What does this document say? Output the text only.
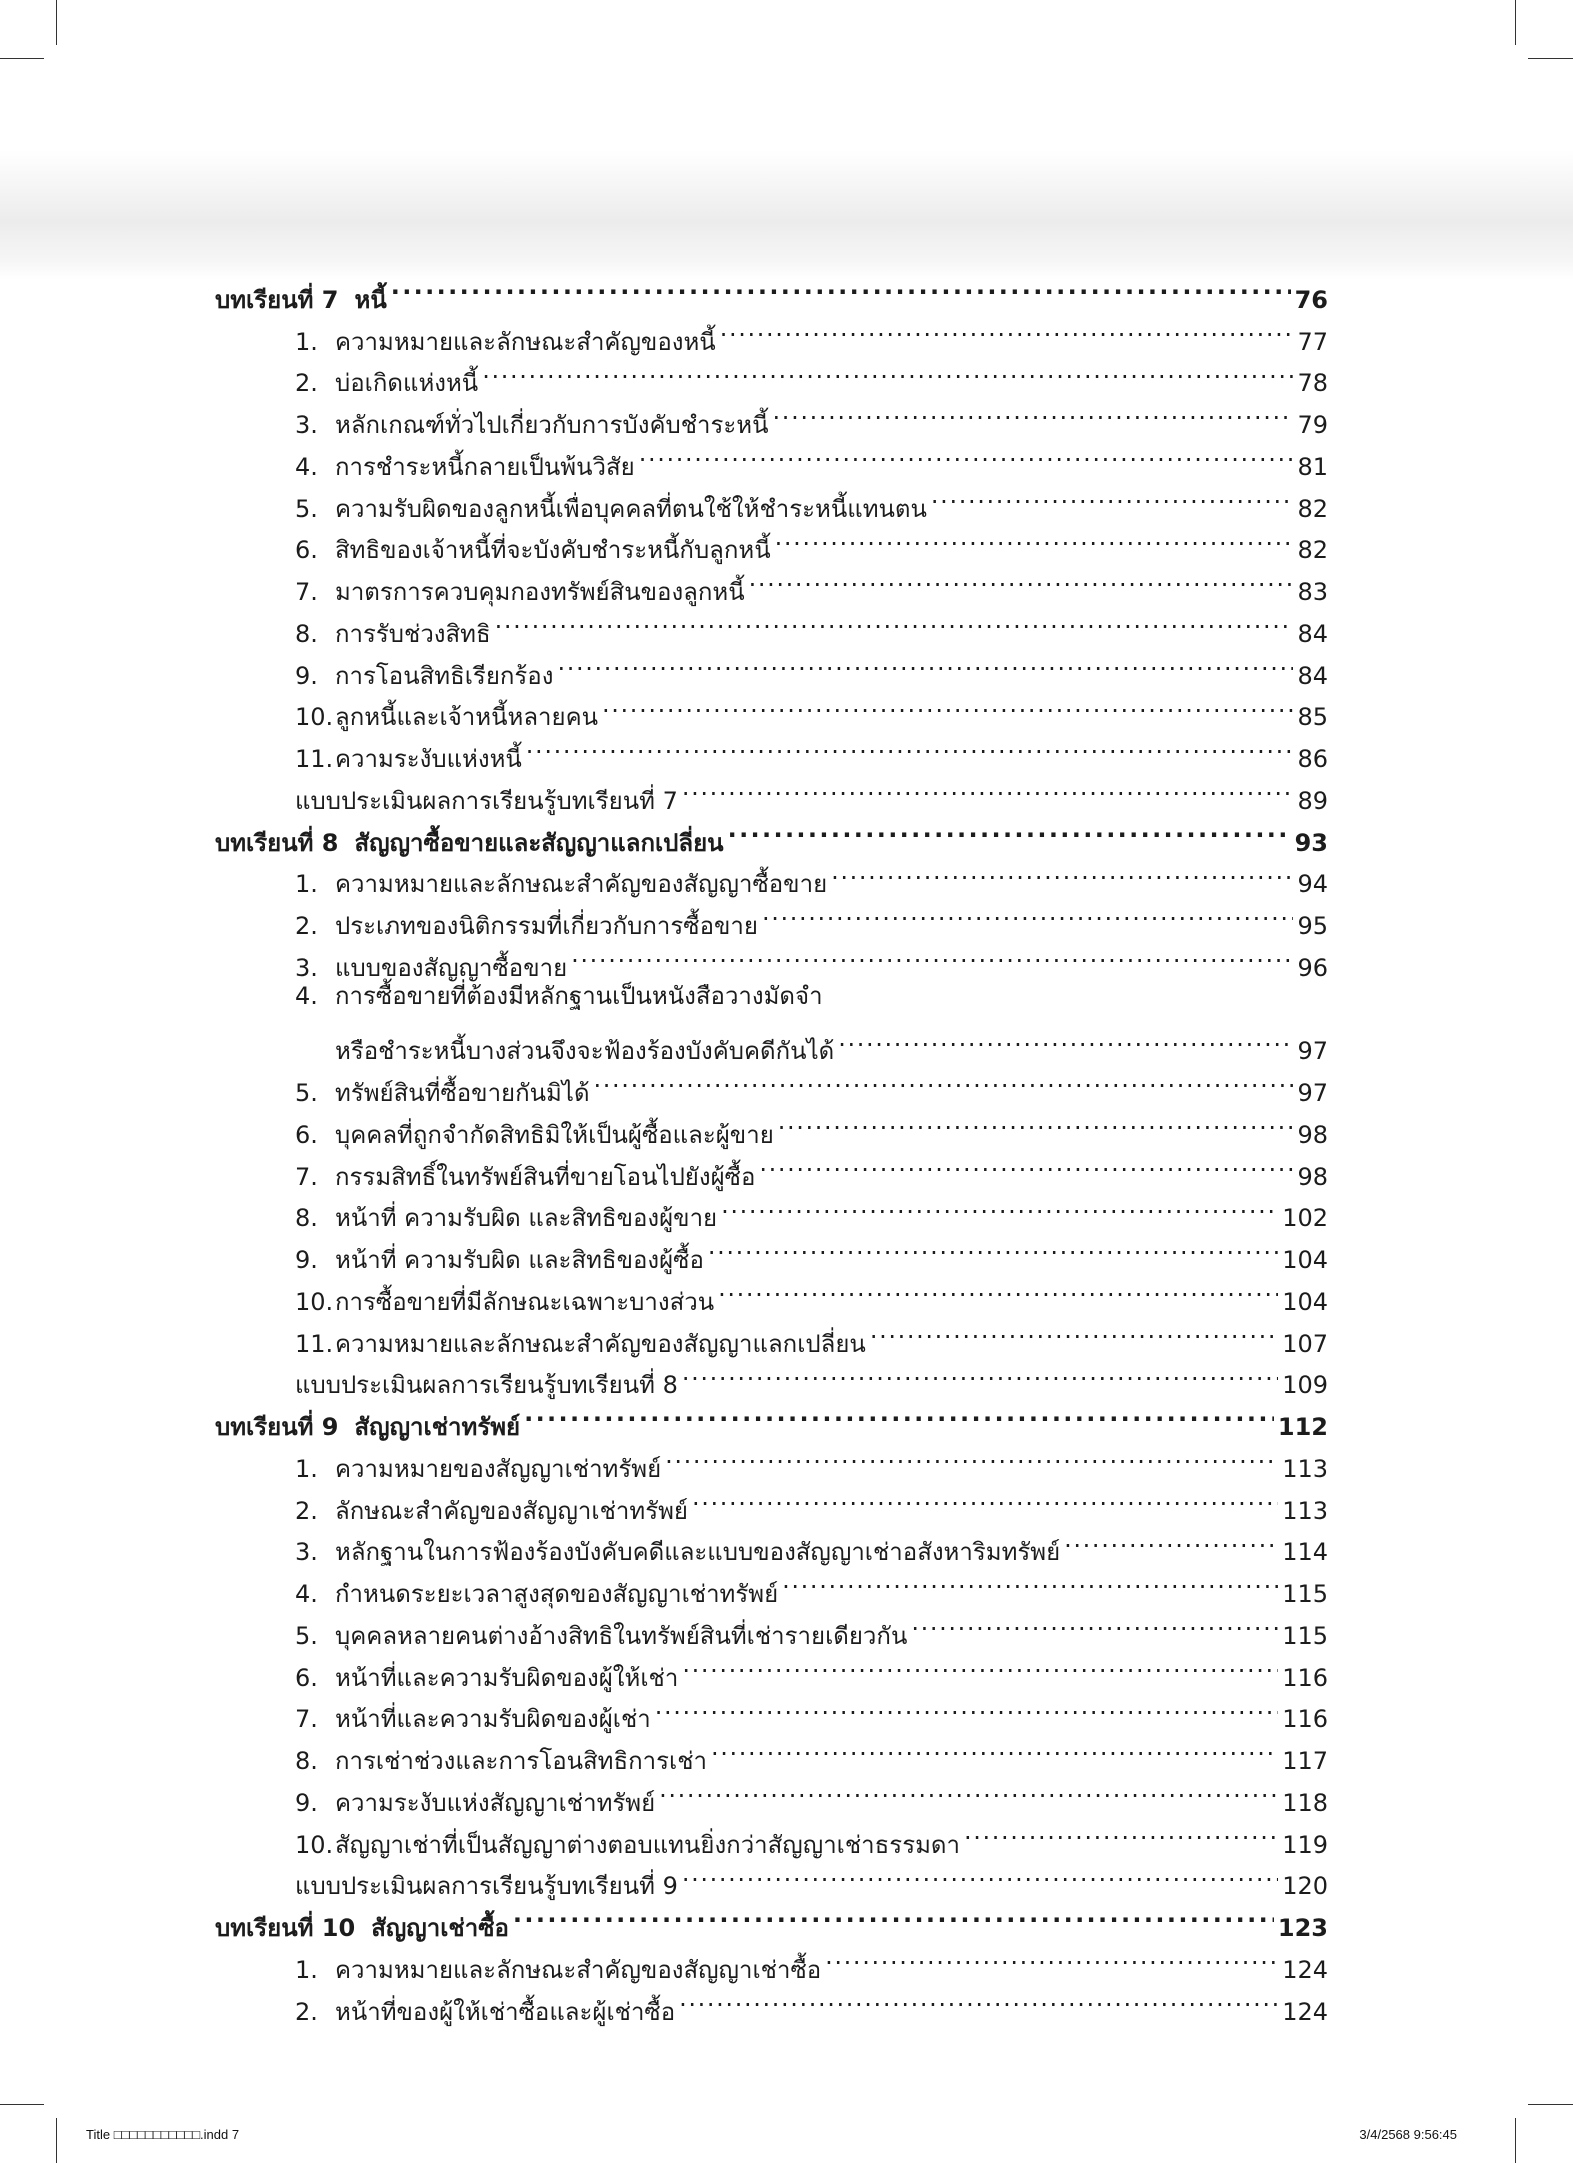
บทเรียนที่ 7 หนี้ . . .	76
1. ความหมายและลักษณะสำคัญของหนี้ . . .	77
2. บ่อเกิดแห่งหนี้ . . .	78
3. หลักเกณฑ์ทั่วไปเกี่ยวกับการบังคับชำระหนี้ . . .	79
4. การชำระหนี้กลายเป็นพ้นวิสัย . . .	81
5. ความรับผิดของลูกหนี้เพื่อบุคคลที่ตนใช้ให้ชำระหนี้แทนตน . . .	82
6. สิทธิของเจ้าหนี้ที่จะบังคับชำระหนี้กับลูกหนี้ . . .	82
7. มาตรการควบคุมกองทรัพย์สินของลูกหนี้ . . .	83
8. การรับช่วงสิทธิ . . .	84
9. การโอนสิทธิเรียกร้อง . . .	84
10. ลูกหนี้และเจ้าหนี้หลายคน . . .	85
11. ความระงับแห่งหนี้ . . .	86
แบบประเมินผลการเรียนรู้บทเรียนที่ 7 . . .	89
บทเรียนที่ 8 สัญญาซื้อขายและสัญญาแลกเปลี่ยน . . .	93
1. ความหมายและลักษณะสำคัญของสัญญาซื้อขาย . . .	94
2. ประเภทของนิติกรรมที่เกี่ยวกับการซื้อขาย . . .	95
3. แบบของสัญญาซื้อขาย . . .	96
4. การซื้อขายที่ต้องมีหลักฐานเป็นหนังสือวางมัดจำ
หรือชำระหนี้บางส่วนจึงจะฟ้องร้องบังคับคดีกันได้ . . .	97
5. ทรัพย์สินที่ซื้อขายกันมิได้ . . .	97
6. บุคคลที่ถูกจำกัดสิทธิมิให้เป็นผู้ซื้อและผู้ขาย . . .	98
7. กรรมสิทธิ์ในทรัพย์สินที่ขายโอนไปยังผู้ซื้อ . . .	98
8. หน้าที่ ความรับผิด และสิทธิของผู้ขาย . . .	102
9. หน้าที่ ความรับผิด และสิทธิของผู้ซื้อ . . .	104
10. การซื้อขายที่มีลักษณะเฉพาะบางส่วน . . .	104
11. ความหมายและลักษณะสำคัญของสัญญาแลกเปลี่ยน . . .	107
แบบประเมินผลการเรียนรู้บทเรียนที่ 8 . . .	109
บทเรียนที่ 9 สัญญาเช่าทรัพย์ . . .	112
1. ความหมายของสัญญาเช่าทรัพย์ . . .	113
2. ลักษณะสำคัญของสัญญาเช่าทรัพย์ . . .	113
3. หลักฐานในการฟ้องร้องบังคับคดีและแบบของสัญญาเช่าอสังหาริมทรัพย์ . . .	114
4. กำหนดระยะเวลาสูงสุดของสัญญาเช่าทรัพย์ . . .	115
5. บุคคลหลายคนต่างอ้างสิทธิในทรัพย์สินที่เช่ารายเดียวกัน . . .	115
6. หน้าที่และความรับผิดของผู้ให้เช่า . . .	116
7. หน้าที่และความรับผิดของผู้เช่า . . .	116
8. การเช่าช่วงและการโอนสิทธิการเช่า . . .	117
9. ความระงับแห่งสัญญาเช่าทรัพย์ . . .	118
10. สัญญาเช่าที่เป็นสัญญาต่างตอบแทนยิ่งกว่าสัญญาเช่าธรรมดา . . .	119
แบบประเมินผลการเรียนรู้บทเรียนที่ 9 . . .	120
บทเรียนที่ 10 สัญญาเช่าซื้อ . . .	123
1. ความหมายและลักษณะสำคัญของสัญญาเช่าซื้อ . . .	124
2. หน้าที่ของผู้ให้เช่าซื้อและผู้เช่าซื้อ . . .	124
Title □□□□□□□□□□□.indd 7	3/4/2568 9:56:45
